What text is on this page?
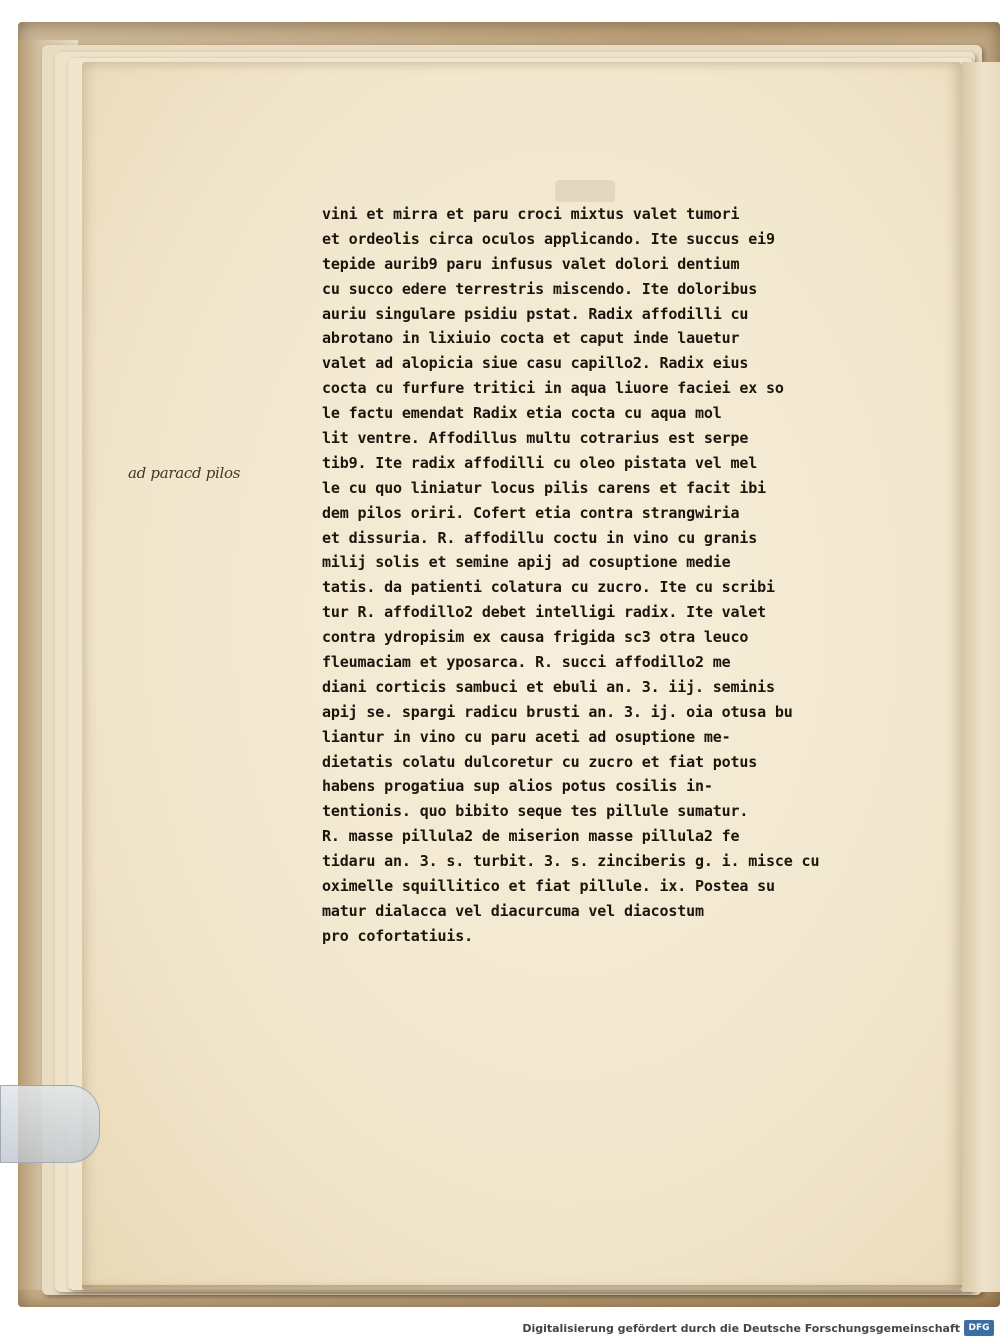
ad paracd pilos
vini et mirra et paru croci mixtus valet tumori
et ordeolis circa oculos applicando. Ite succus ei9
tepide aurib9 paru infusus valet dolori dentium
cu succo edere terrestris miscendo. Ite doloribus
auriu singulare psidiu pstat. Radix affodilli cu
abrotano in lixiuio cocta et caput inde lauetur
valet ad alopicia siue casu capillo2. Radix eius
cocta cu furfure tritici in aqua liuore faciei ex so
le factu emendat Radix etia cocta cu aqua mol
lit ventre. Affodillus multu cotrarius est serpe
tib9. Ite radix affodilli cu oleo pistata vel mel
le cu quo liniatur locus pilis carens et facit ibi
dem pilos oriri. Cofert etia contra strangwiria
et dissuria. R. affodillu coctu in vino cu granis
milij solis et semine apij ad cosuptione medie
tatis. da patienti colatura cu zucro. Ite cu scribi
tur R. affodillo2 debet intelligi radix. Ite valet
contra ydropisim ex causa frigida sc3 otra leuco
fleumaciam et yposarca. R. succi affodillo2 me
diani corticis sambuci et ebuli an. 3. iij. seminis
apij se. spargi radicu brusti an. 3. ij. oia otusa bu
liantur in vino cu paru aceti ad osuptione me-
dietatis colatu dulcoretur cu zucro et fiat potus
habens progatiua sup alios potus cosilis in-
tentionis. quo bibito seque tes pillule sumatur.
R. masse pillula2 de miserion masse pillula2 fe
tidaru an. 3. s. turbit. 3. s. zinciberis g. i. misce cu
oximelle squillitico et fiat pillule. ix. Postea su
matur dialacca vel diacurcuma vel diacostum
pro cofortatiuis.
Digitalisierung gefördert durch die Deutsche Forschungsgemeinschaft DFG
